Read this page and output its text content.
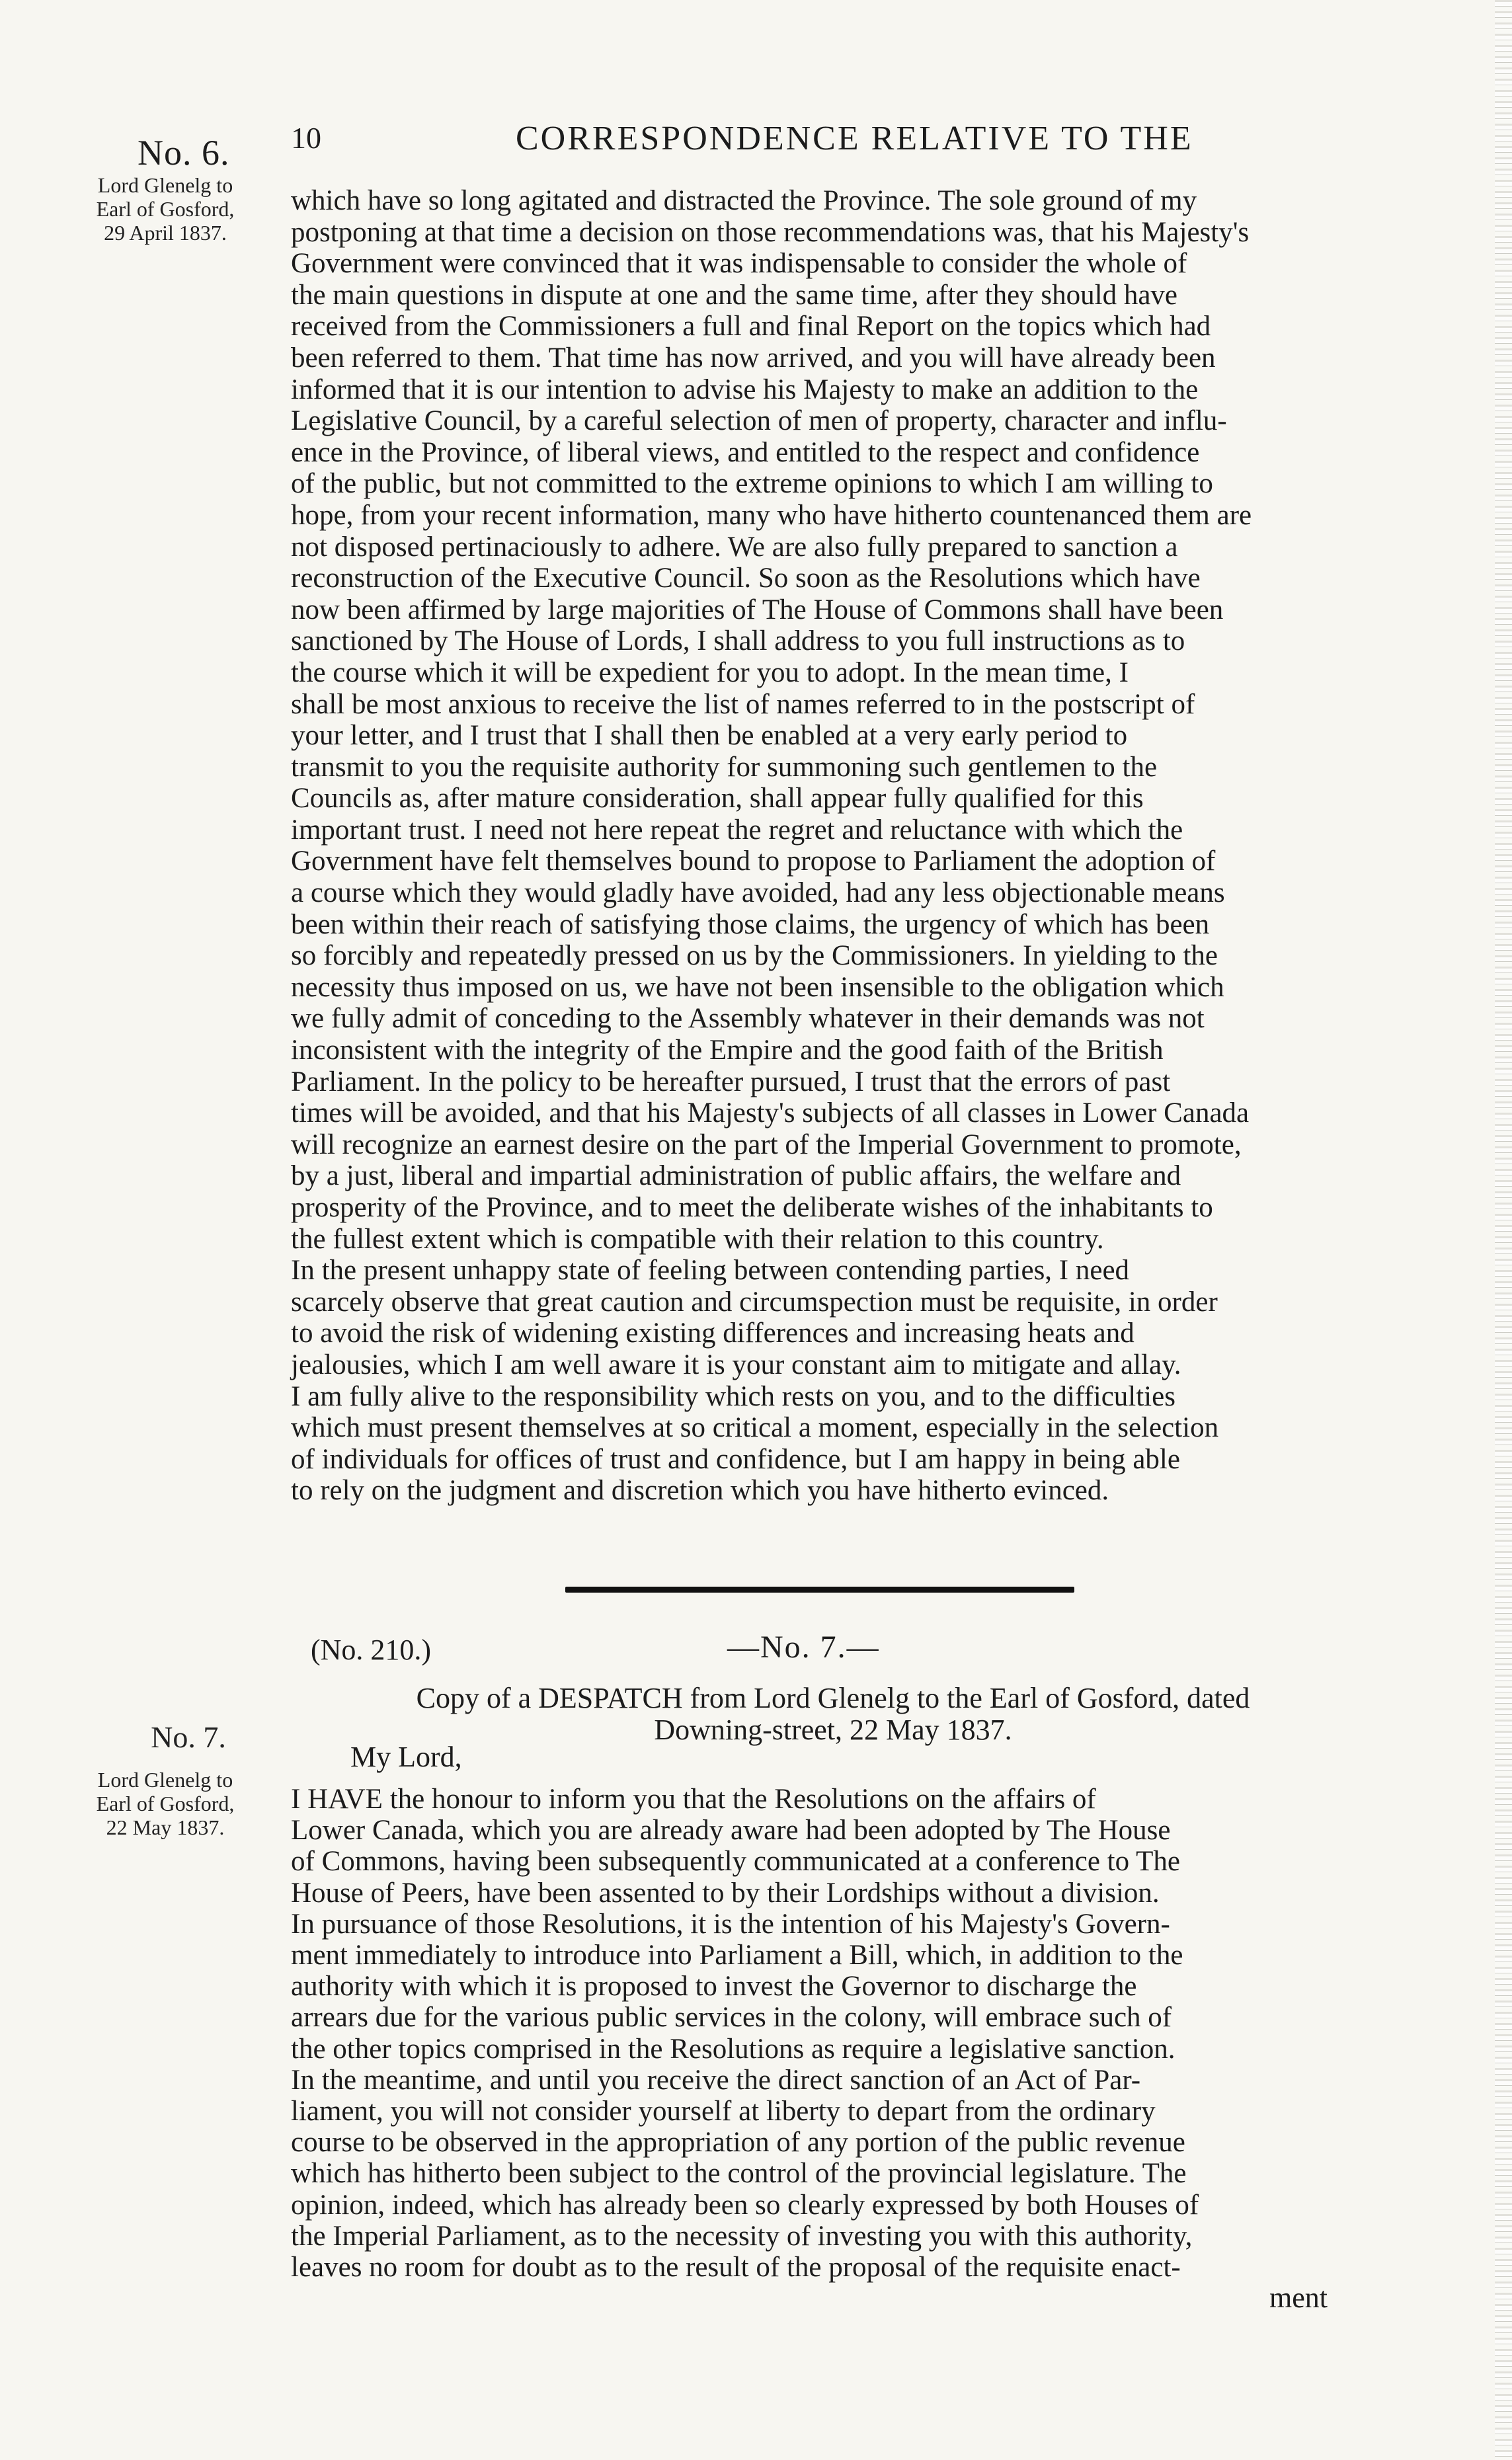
No. 6. 10	CORRESPONDENCE RELATIVE TO THE
Lord Glenelg to
Earl of Gosford,
29 April 1837.
which have so long agitated and distracted the Province. The sole ground of my
postponing at that time a decision on those recommendations was, that his Majesty's
Government were convinced that it was indispensable to consider the whole of
the main questions in dispute at one and the same time, after they should have
received from the Commissioners a full and final Report on the topics which had
been referred to them. That time has now arrived, and you will have already been
informed that it is our intention to advise his Majesty to make an addition to the
Legislative Council, by a careful selection of men of property, character and influ-
ence in the Province, of liberal views, and entitled to the respect and confidence
of the public, but not committed to the extreme opinions to which I am willing to
hope, from your recent information, many who have hitherto countenanced them are
not disposed pertinaciously to adhere. We are also fully prepared to sanction a
reconstruction of the Executive Council. So soon as the Resolutions which have
now been affirmed by large majorities of The House of Commons shall have been
sanctioned by The House of Lords, I shall address to you full instructions as to
the course which it will be expedient for you to adopt. In the mean time, I
shall be most anxious to receive the list of names referred to in the postscript of
your letter, and I trust that I shall then be enabled at a very early period to
transmit to you the requisite authority for summoning such gentlemen to the
Councils as, after mature consideration, shall appear fully qualified for this
important trust. I need not here repeat the regret and reluctance with which the
Government have felt themselves bound to propose to Parliament the adoption of
a course which they would gladly have avoided, had any less objectionable means
been within their reach of satisfying those claims, the urgency of which has been
so forcibly and repeatedly pressed on us by the Commissioners. In yielding to the
necessity thus imposed on us, we have not been insensible to the obligation which
we fully admit of conceding to the Assembly whatever in their demands was not
inconsistent with the integrity of the Empire and the good faith of the British
Parliament. In the policy to be hereafter pursued, I trust that the errors of past
times will be avoided, and that his Majesty's subjects of all classes in Lower Canada
will recognize an earnest desire on the part of the Imperial Government to promote,
by a just, liberal and impartial administration of public affairs, the welfare and
prosperity of the Province, and to meet the deliberate wishes of the inhabitants to
the fullest extent which is compatible with their relation to this country.
In the present unhappy state of feeling between contending parties, I need
scarcely observe that great caution and circumspection must be requisite, in order
to avoid the risk of widening existing differences and increasing heats and
jealousies, which I am well aware it is your constant aim to mitigate and allay.
I am fully alive to the responsibility which rests on you, and to the difficulties
which must present themselves at so critical a moment, especially in the selection
of individuals for offices of trust and confidence, but I am happy in being able
to rely on the judgment and discretion which you have hitherto evinced.
(No. 210.)	—No. 7.—
Copy of a DESPATCH from Lord Glenelg to the Earl of Gosford, dated
Downing-street, 22 May 1837.
No. 7.
Lord Glenelg to
Earl of Gosford,
22 May 1837.
My Lord,
I HAVE the honour to inform you that the Resolutions on the affairs of
Lower Canada, which you are already aware had been adopted by The House
of Commons, having been subsequently communicated at a conference to The
House of Peers, have been assented to by their Lordships without a division.
In pursuance of those Resolutions, it is the intention of his Majesty's Govern-
ment immediately to introduce into Parliament a Bill, which, in addition to the
authority with which it is proposed to invest the Governor to discharge the
arrears due for the various public services in the colony, will embrace such of
the other topics comprised in the Resolutions as require a legislative sanction.
In the meantime, and until you receive the direct sanction of an Act of Par-
liament, you will not consider yourself at liberty to depart from the ordinary
course to be observed in the appropriation of any portion of the public revenue
which has hitherto been subject to the control of the provincial legislature. The
opinion, indeed, which has already been so clearly expressed by both Houses of
the Imperial Parliament, as to the necessity of investing you with this authority,
leaves no room for doubt as to the result of the proposal of the requisite enact-
ment
